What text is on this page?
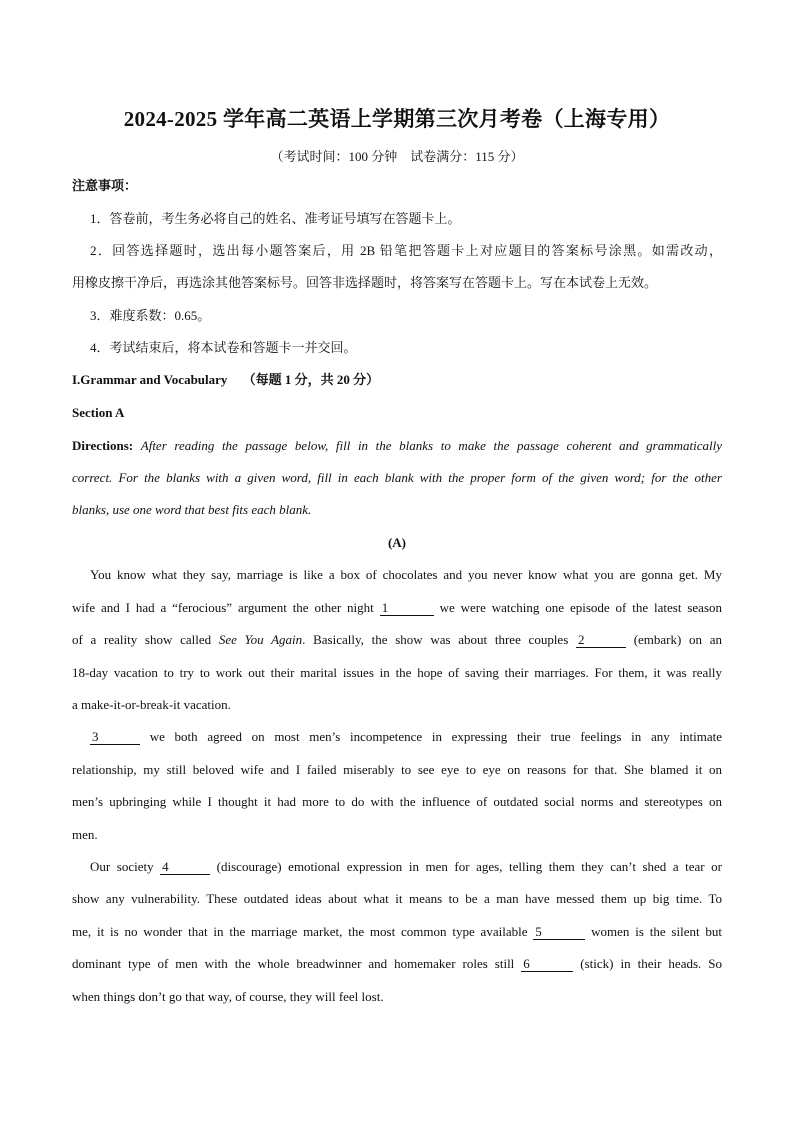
2024-2025 学年高二英语上学期第三次月考卷（上海专用）
（考试时间：100 分钟　试卷满分：115 分）
注意事项：
1．答卷前，考生务必将自己的姓名、准考证号填写在答题卡上。
2．回答选择题时，选出每小题答案后，用 2B 铅笔把答题卡上对应题目的答案标号涂黑。如需改动，
用橡皮擦干净后，再选涂其他答案标号。回答非选择题时，将答案写在答题卡上。写在本试卷上无效。
3．难度系数：0.65。
4．考试结束后，将本试卷和答题卡一并交回。
I.Grammar and Vocabulary （每题 1 分，共 20 分）
Section A
Directions: After reading the passage below, fill in the blanks to make the passage coherent and grammatically
correct. For the blanks with a given word, fill in each blank with the proper form of the given word; for the other
blanks, use one word that best fits each blank.
(A)
You know what they say, marriage is like a box of chocolates and you never know what you are gonna get. My
wife and I had a “ferocious” argument the other night 1	we were watching one episode of the latest season
of a reality show called See You Again. Basically, the show was about three couples 2	(embark) on an
18-day vacation to try to work out their marital issues in the hope of saving their marriages. For them, it was really
a make-it-or-break-it vacation.
3	we both agreed on most men’s incompetence in expressing their true feelings in any intimate
relationship, my still beloved wife and I failed miserably to see eye to eye on reasons for that. She blamed it on
men’s upbringing while I thought it had more to do with the influence of outdated social norms and stereotypes on
men.
Our society 4	(discourage) emotional expression in men for ages, telling them they can’t shed a tear or
show any vulnerability. These outdated ideas about what it means to be a man have messed them up big time. To
me, it is no wonder that in the marriage market, the most common type available 5	women is the silent but
dominant type of men with the whole breadwinner and homemaker roles still 6	(stick) in their heads. So
when things don’t go that way, of course, they will feel lost.
